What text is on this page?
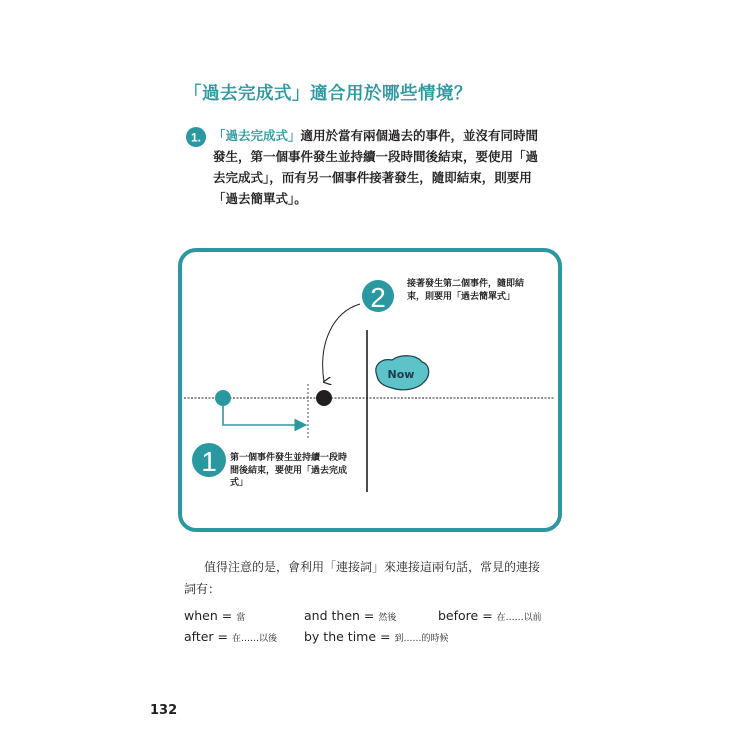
「過去完成式」適合用於哪些情境？
1. 「過去完成式」適用於當有兩個過去的事件，並沒有同時間
發生，第一個事件發生並持續一段時間後結束，要使用「過
去完成式」，而有另一個事件接著發生，隨即結束，則要用
「過去簡單式」。
1
2
Now
接著發生第二個事件，隨即結
束，則要用「過去簡單式」
第一個事件發生並持續一段時
間後結束，要使用「過去完成
式」
值得注意的是，會利用「連接詞」來連接這兩句話，常見的連接
詞有：
when = 當	and then = 然後	before = 在……以前
after = 在……以後 by the time = 到……的時候
132
